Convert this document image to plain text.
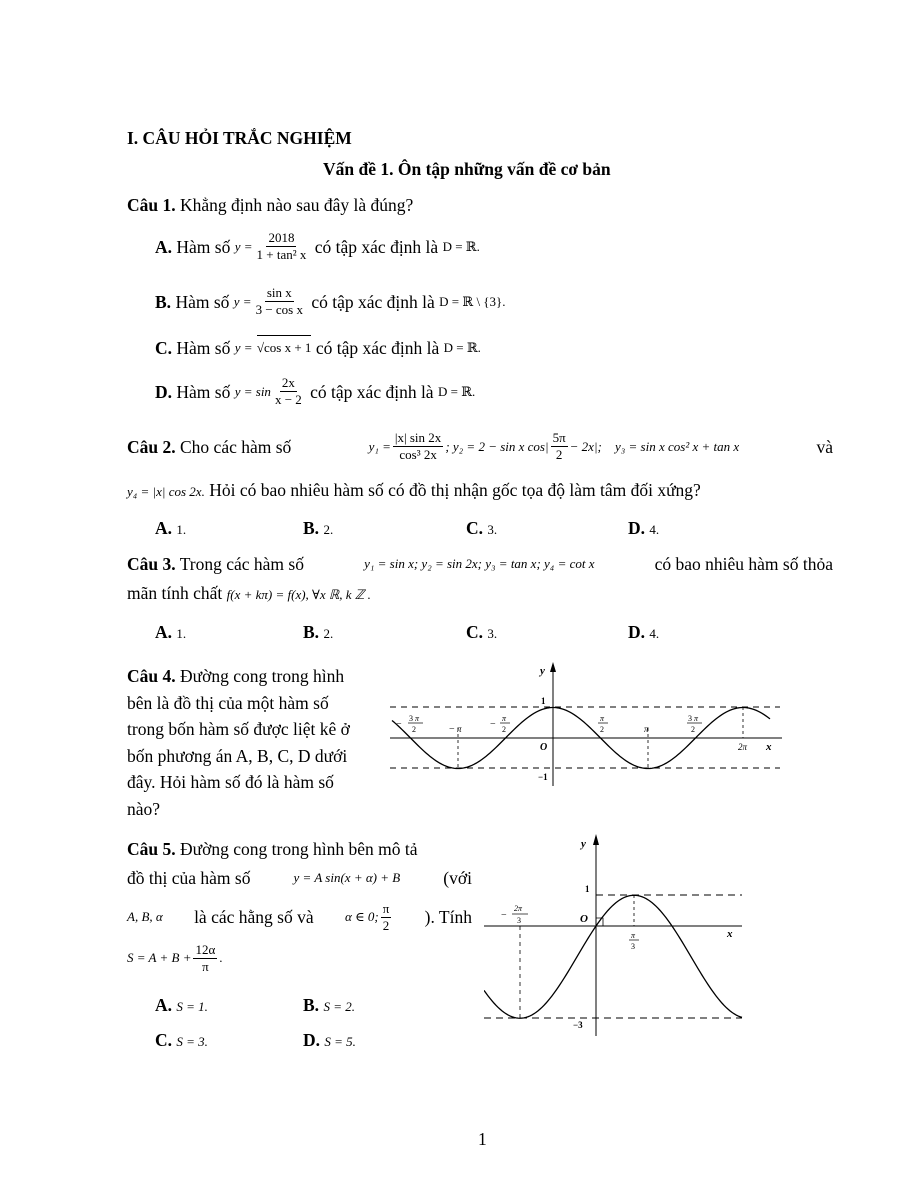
I. CÂU HỎI TRẮC NGHIỆM
Vấn đề 1. Ôn tập những vấn đề cơ bản
Câu 1. Khẳng định nào sau đây là đúng?
A.
Hàm số
$y = \frac{2018}{\text{1 + tan² x}}$
có tập xác định là
D = ℝ.
B.
Hàm số
$y = \frac{\text{sin x}}{\text{3 − cos x}}$
có tập xác định là
D = ℝ \ {3}.
C.
Hàm số
y =
√cos x + 1
có tập xác định là
D = ℝ.
D.
Hàm số
$y = \sin \frac{2x}{x - 2}$
có tập xác định là
D = ℝ.
Câu 2. Cho các hàm số	$y_1 = \frac{|x| \sin 2x}{\text{cos³ 2x}}$ ; y₂ = 2 − sin x $\cos| \frac{5\pi}{2} - 2x|$;
y₃ = sin x cos² x + tan x	và
y₄ = |x| cos 2x. Hỏi có bao nhiêu hàm số có đồ thị nhận gốc tọa độ làm tâm đối xứng?
A. 1.	B. 2.	C. 3.	D. 4.
Câu 3. Trong các hàm số	y₁ = sin x; y₂ = sin 2x; y₃ = tan x; y₄ = cot x	có bao nhiêu hàm số thỏa
mãn tính chất f(x + kπ) = f(x), ∀x ℝ, k ℤ .
A. 1.	B. 2.	C. 3.	D. 4.
Câu 4. Đường cong trong hình
bên là đồ thị của một hàm số
trong bốn hàm số được liệt kê ở
bốn phương án A, B, C, D dưới
đây. Hỏi hàm số đó là hàm số
nào?
y
x
O
1
−1
−
3 π
2	− π	−
π
2
π
2	π
3 π
2
2π
Câu 5. Đường cong trong hình bên mô tả
đồ thị của hàm số	y = A sin(x + α) + B (với
A, B, α là các hằng số và α ∈ 0; $\frac{\pi}{2}$ ). Tính
$S = A + B + \frac{12\alpha}{\pi}$ .
A. S = 1.	B. S = 2.
C. S = 3.	D. S = 5.
y
x
O
1
−3
−
2π
3
π
3
1
